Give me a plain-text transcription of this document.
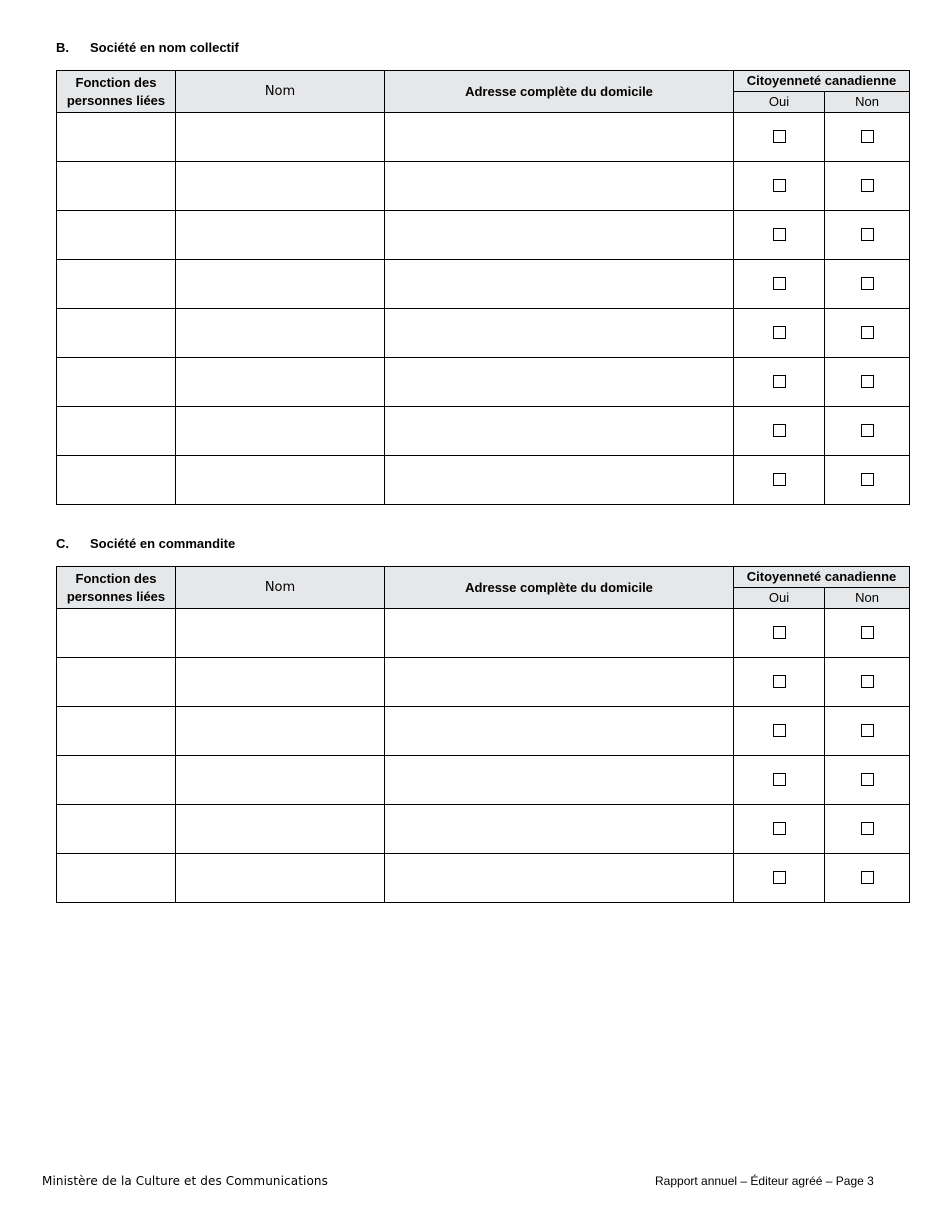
B. Société en nom collectif
Fonction des personnes liées	Nom	Adresse complète du domicile	Citoyenneté canadienne	
			Oui	Non

C. Société en commandite
Fonction des personnes liées	Nom	Adresse complète du domicile	Citoyenneté canadienne	
			Oui	Non

Ministère de la Culture et des Communications	Rapport annuel – Éditeur agréé – Page 3
